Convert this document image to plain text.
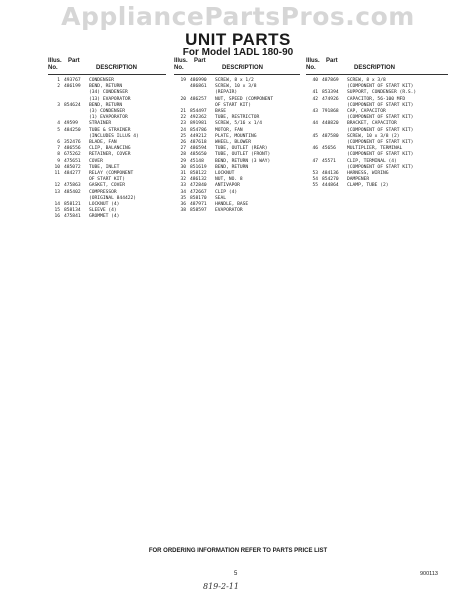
AppliancePartsPros.com
UNIT PARTS
For Model 1ADL 180-90
Illus. Part
No.	DESCRIPTION
1 493767	CONDENSER
2 486199	BEND, RETURN
(34) CONDENSER
(13) EVAPORATOR
3 854624	BEND, RETURN
(3) CONDENSER
(1) EVAPORATOR
4 49599	STRAINER
5 484250	TUBE & STRAINER
(INCLUDES ILLUS 4)
6 352476	BLADE, FAN
7 486556	CLIP, BALANCING
8 675262	RETAINER, COVER
9 475651	COVER
10 485072	TUBE, INLET
11 484277	RELAY (COMPONENT
OF START KIT)
12 475863	GASKET, COVER
13 485402	COMPRESSOR
(ORIGINAL 844422)
14 858121	LOCKNUT (4)
15 858134	SLEEVE (4)
16 475841	GROMMET (4)
Illus. Part
No.	DESCRIPTION
19 486990	SCREW, 8 x 1/2
486861	SCREW, 10 x 3/8
(REPAIR)
20 486257	NUT, SPEED (COMPONENT
OF START KIT)
21 854497	BASE
22 492362	TUBE, RESTRICTOR
23 891981	SCREW, 5/16 x 1/4
24 854786	MOTOR, FAN
25 449212	PLATE, MOUNTING
26 487618	WHEEL, BLOWER
27 486594	TUBE, OUTLET (REAR)
28 485650	TUBE, OUTLET (FRONT)
29 45148	BEND, RETURN (3 WAY)
30 851619	BEND, RETURN
31 858122	LOCKNUT
32 486132	NUT, NO. 8
33 472840	ANTIVAPOR
34 472667	CLIP (4)
35 858170	SEAL
36 487971	HANDLE, BASE
38 858597	EVAPORATOR
Illus. Part
No.	DESCRIPTION
40 487869	SCREW, 8 x 3/8
(COMPONENT OF START KIT)
41 853394	SUPPORT, CONDENSER (R.S.)
42 474926	CAPACITOR, 56-100 MFD
(COMPONENT OF START KIT)
43 791868	CAP, CAPACITOR
(COMPONENT OF START KIT)
44 448820	BRACKET, CAPACITOR
(COMPONENT OF START KIT)
45 487580	SCREW, 10 x 3/8 (2)
(COMPONENT OF START KIT)
46 45656	MULTIPLIER, TERMINAL
(COMPONENT OF START KIT)
47 45571	CLIP, TERMINAL (4)
(COMPONENT OF START KIT)
53 484136	HARNESS, WIRING
54 854270	DAMPENER
55 444864	CLAMP, TUBE (2)
FOR ORDERING INFORMATION REFER TO PARTS PRICE LIST
5	900113
819-2-11
